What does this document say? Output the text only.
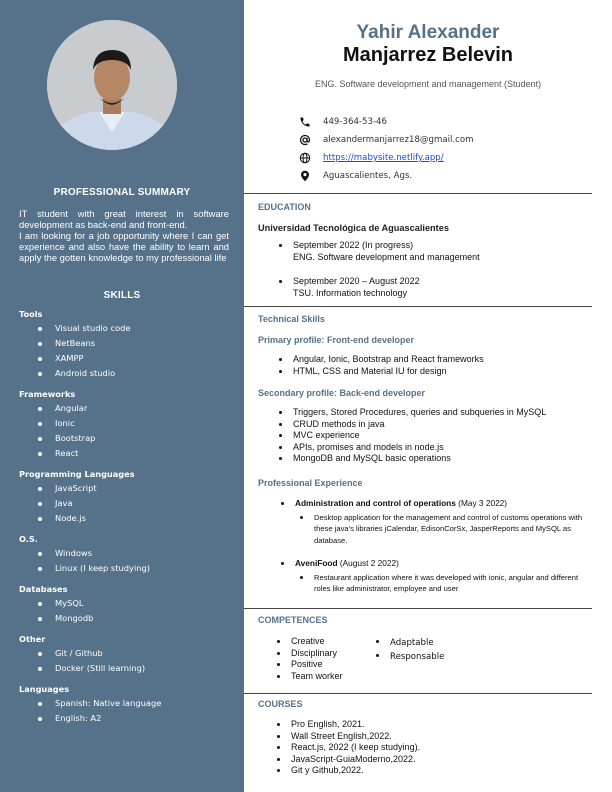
PROFESSIONAL SUMMARY

IT student with great interest in software development as back-end and front-end.

I am looking for a job opportunity where I can get experience and also have the ability to learn and apply the gotten knowledge to my professional life

SKILLS

Tools

Visual studio code
NetBeans
XAMPP
Android studio

Frameworks

Angular
Ionic
Bootstrap
React

Programming Languages

JavaScript
Java
Node.js

O.S.

Windows
Linux (I keep studying)

Databases

MySQL
Mongodb

Other

Git / Github
Docker (Still learning)

Languages

Spanish: Native language
English: A2
Yahir Alexander
Manjarrez Belevin
ENG. Software development and management (Student)
449-364-53-46
alexandermanjarrez18@gmail.com
https://mabysite.netlify.app/
Aguascalientes, Ags.
EDUCATION
Universidad Tecnológica de Aguascalientes
September 2022 (In progress)
ENG. Software development and management
September 2020 – August 2022
TSU. Information technology
Technical Skills
Primary profile: Front-end developer
Angular, Ionic, Bootstrap and React frameworks
HTML, CSS and Material IU for design
Secondary profile: Back-end developer
Triggers, Stored Procedures, queries and subqueries in MySQL
CRUD methods in java
MVC experience
APIs, promises and models in node.js
MongoDB and MySQL basic operations
Professional Experience
Administration and control of operations (May 3 2022)
Desktop application for the management and control of customs operations with these java's libraries jCalendar, EdisonCorSx, JasperReports and MySQL as database.
AveniFood (August 2 2022)
Restaurant application where it was developed with ionic, angular and different roles like administrator, employee and user
COMPETENCES
Creative
Disciplinary
Positive
Team worker
Adaptable
Responsable
COURSES
Pro English, 2021.
Wall Street English,2022.
React.js, 2022 (I keep studying).
JavaScript-GuiaModerno,2022.
Git y Github,2022.
